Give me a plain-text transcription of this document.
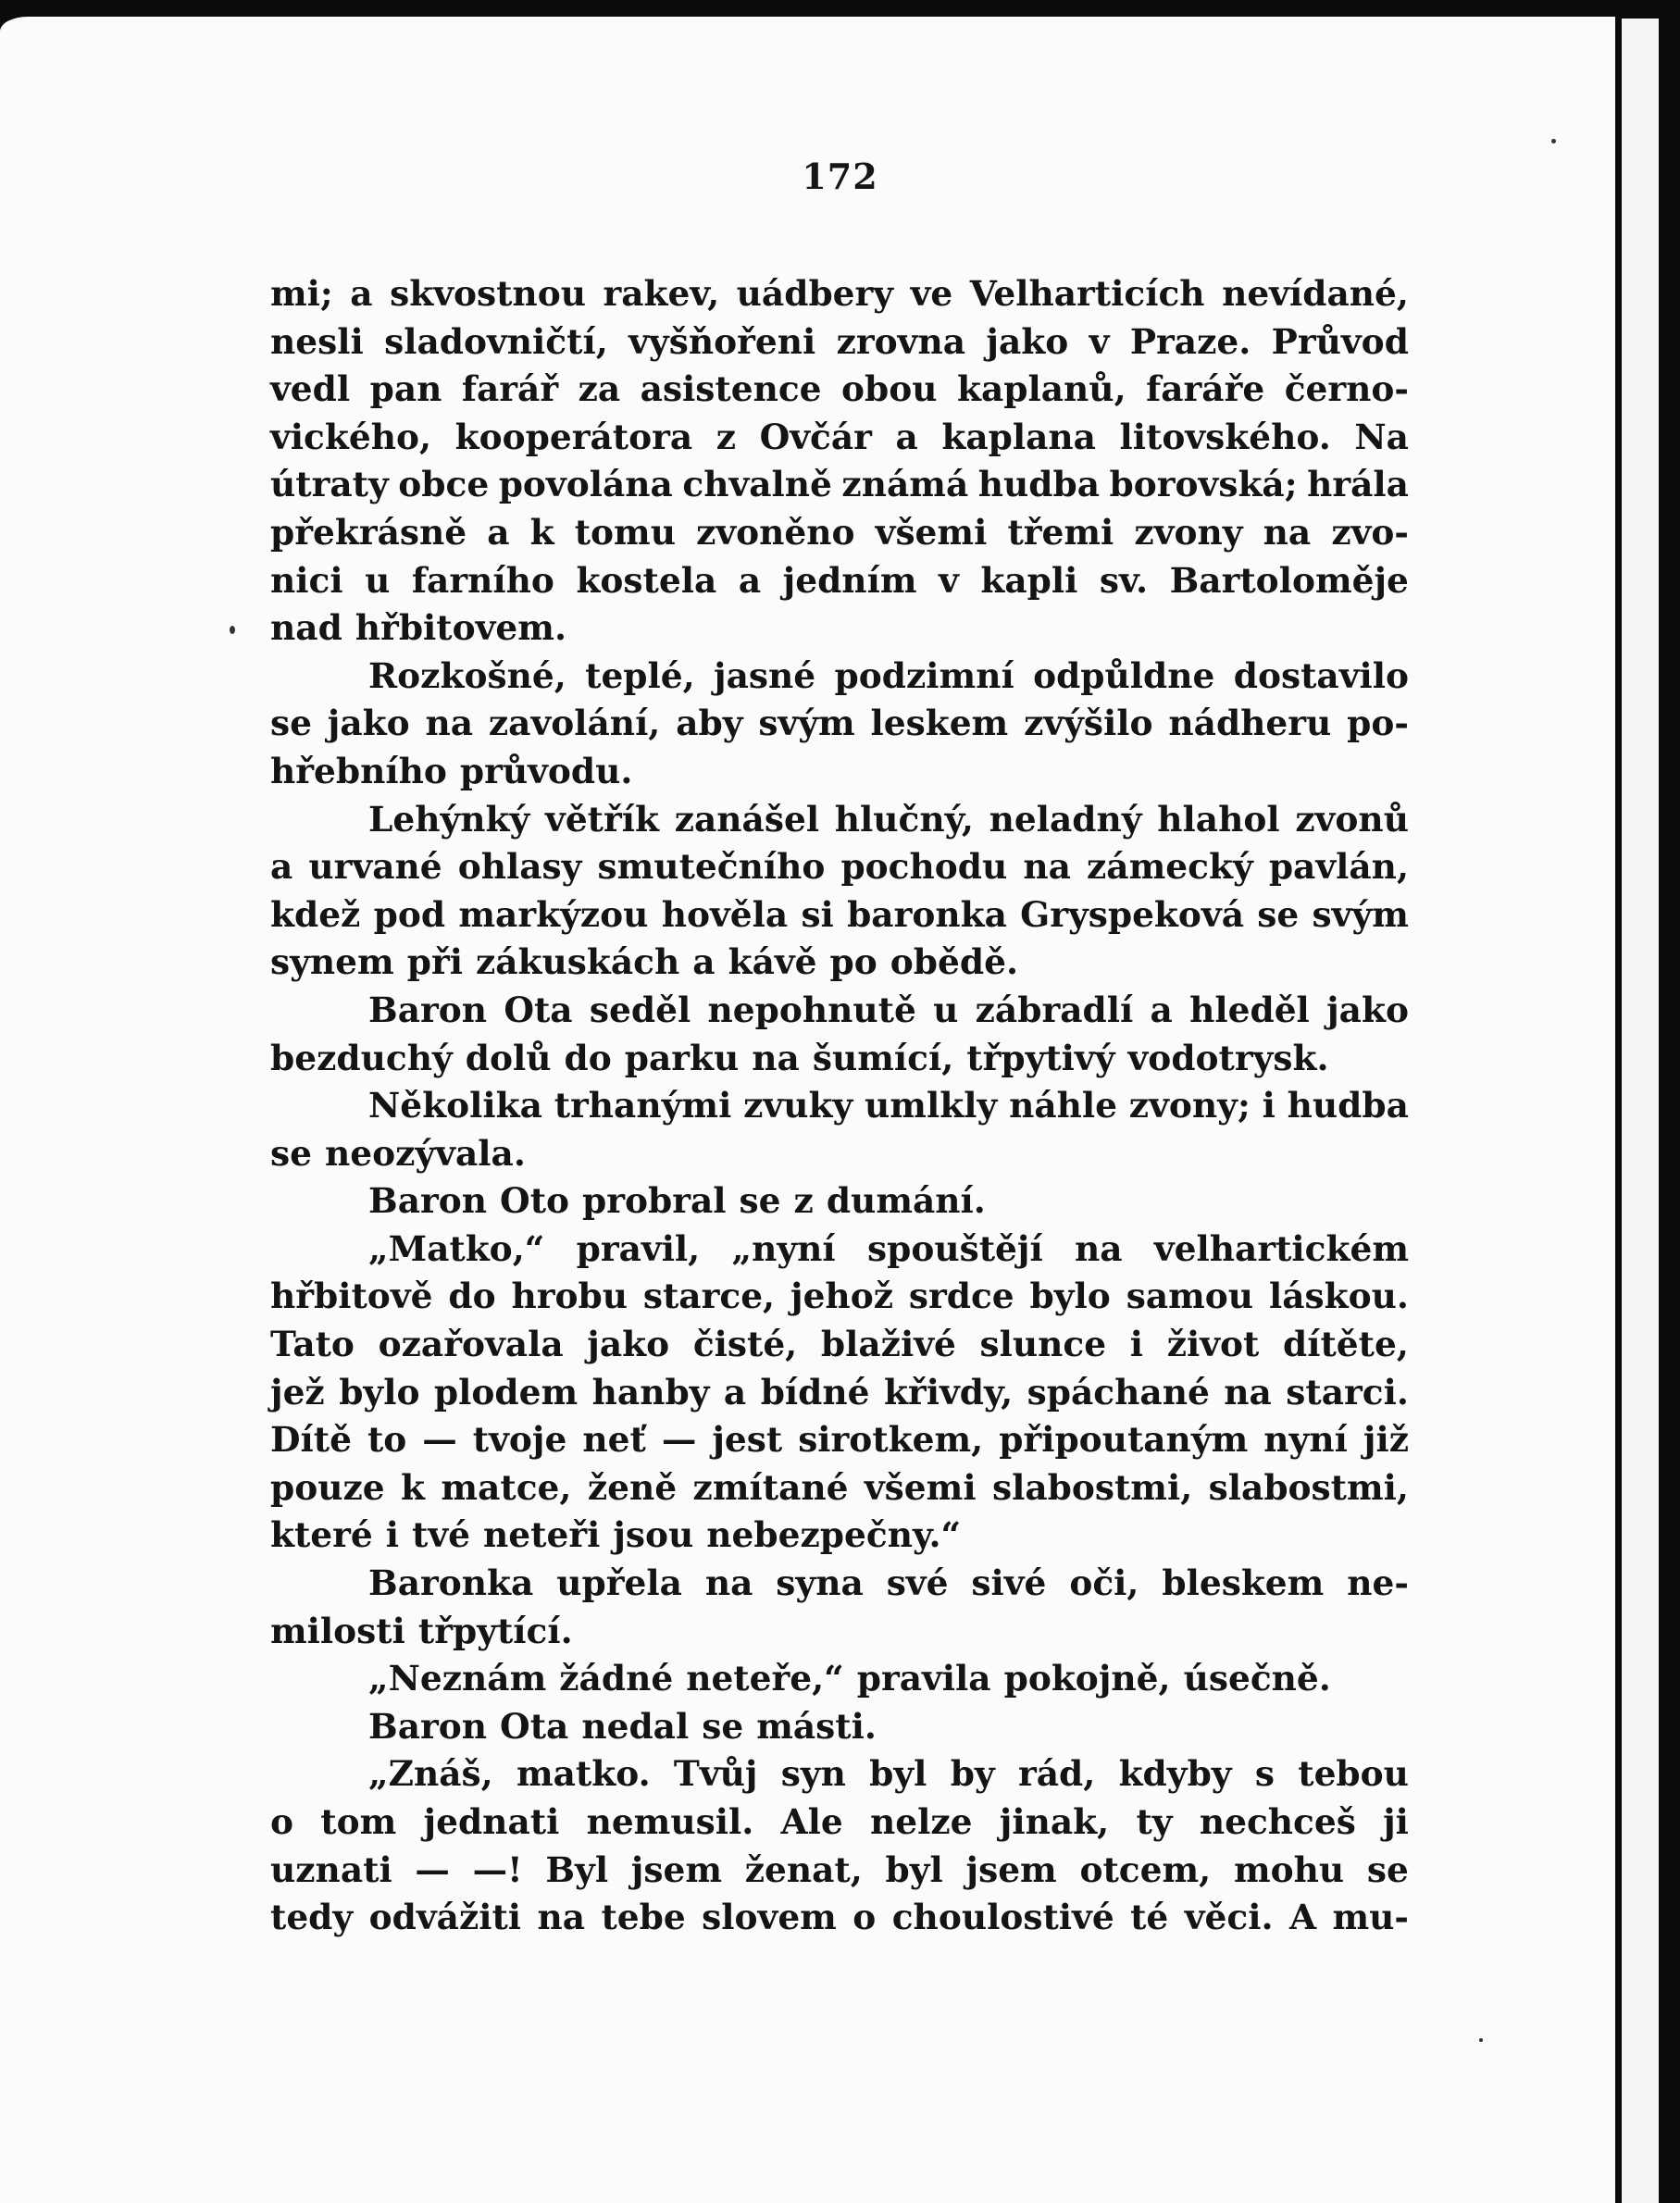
172
mi; a skvostnou rakev, uádbery ve Velharticích nevídané,
nesli sladovničtí, vyšňořeni zrovna jako v Praze. Průvod
vedl pan farář za asistence obou kaplanů, faráře černo-
vického, kooperátora z Ovčár a kaplana litovského. Na
útraty obce povolána chvalně známá hudba borovská; hrála
překrásně a k tomu zvoněno všemi třemi zvony na zvo-
nici u farního kostela a jedním v kapli sv. Bartoloměje
nad hřbitovem.
Rozkošné, teplé, jasné podzimní odpůldne dostavilo
se jako na zavolání, aby svým leskem zvýšilo nádheru po-
hřebního průvodu.
Lehýnký větřík zanášel hlučný, neladný hlahol zvonů
a urvané ohlasy smutečního pochodu na zámecký pavlán,
kdež pod markýzou hověla si baronka Gryspeková se svým
synem při zákuskách a kávě po obědě.
Baron Ota seděl nepohnutě u zábradlí a hleděl jako
bezduchý dolů do parku na šumící, třpytivý vodotrysk.
Několika trhanými zvuky umlkly náhle zvony; i hudba
se neozývala.
Baron Oto probral se z dumání.
„Matko,“ pravil, „nyní spouštějí na velhartickém
hřbitově do hrobu starce, jehož srdce bylo samou láskou.
Tato ozařovala jako čisté, blaživé slunce i život dítěte,
jež bylo plodem hanby a bídné křivdy, spáchané na starci.
Dítě to — tvoje neť — jest sirotkem, připoutaným nyní již
pouze k matce, ženě zmítané všemi slabostmi, slabostmi,
které i tvé neteři jsou nebezpečny.“
Baronka upřela na syna své sivé oči, bleskem ne-
milosti třpytící.
„Neznám žádné neteře,“ pravila pokojně, úsečně.
Baron Ota nedal se másti.
„Znáš, matko. Tvůj syn byl by rád, kdyby s tebou
o tom jednati nemusil. Ale nelze jinak, ty nechceš ji
uznati — —! Byl jsem ženat, byl jsem otcem, mohu se
tedy odvážiti na tebe slovem o choulostivé té věci. A mu-
